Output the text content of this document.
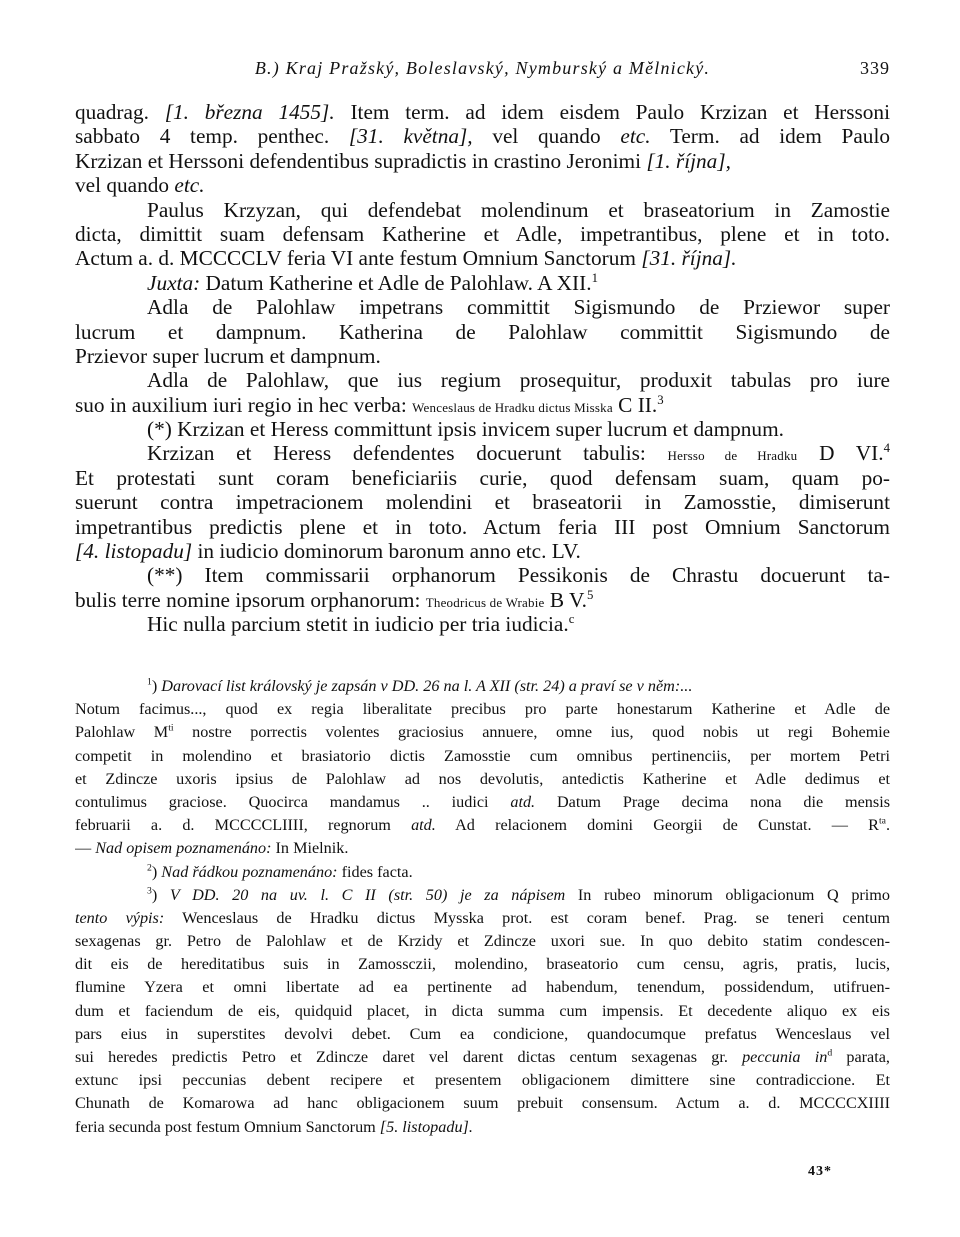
B.) Kraj Pražský, Boleslavský, Nymburský a Mělnický.	339
quadrag. [1. března 1455]. Item term. ad idem eisdem Paulo Krzizan et Herssoni
sabbato 4 temp. penthec. [31. května], vel quando etc. Term. ad idem Paulo
Krzizan et Herssoni defendentibus supradictis in crastino Jeronimi [1. října],
vel quando etc.
Paulus Krzyzan, qui defendebat molendinum et braseatorium in Zamostie
dicta, dimittit suam defensam Katherine et Adle, impetrantibus, plene et in toto.
Actum a. d. MCCCCLV feria VI ante festum Omnium Sanctorum [31. října].
Juxta: Datum Katherine et Adle de Palohlaw. A XII.$^1$
Adla de Palohlaw impetrans committit Sigismundo de Prziewor super
lucrum et dampnum. Katherina de Palohlaw committit Sigismundo de
Przievor super lucrum et dampnum.
Adla de Palohlaw, que ius regium prosequitur, produxit tabulas pro iure
suo in auxilium iuri regio in hec verba: Wenceslaus de Hradku dictus Misska C II.$^3$
(*) Krzizan et Heress committunt ipsis invicem super lucrum et dampnum.
Krzizan et Heress defendentes docuerunt tabulis: Hersso de Hradku D VI.$^4$
Et protestati sunt coram beneficiariis curie, quod defensam suam, quam po-
suerunt contra impetracionem molendini et braseatorii in Zamosstie, dimiserunt
impetrantibus predictis plene et in toto. Actum feria III post Omnium Sanctorum
[4. listopadu] in iudicio dominorum baronum anno etc. LV.
(**) Item commissarii orphanorum Pessikonis de Chrastu docuerunt ta-
bulis terre nomine ipsorum orphanorum: Theodricus de Wrabie B V.$^5$
Hic nulla parcium stetit in iudicio per tria iudicia.$^c$
$^1$) Darovací list královský je zapsán v DD. 26 na l. A XII (str. 24) a praví se v něm:...
Notum facimus..., quod ex regia liberalitate precibus pro parte honestarum Katherine et Adle de
Palohlaw $M^{ti}$ nostre porrectis volentes graciosius annuere, omne ius, quod nobis ut regi Bohemie
competit in molendino et brasiatorio dictis Zamosstie cum omnibus pertinenciis, per mortem Petri
et Zdincze uxoris ipsius de Palohlaw ad nos devolutis, antedictis Katherine et Adle dedimus et
contulimus graciose. Quocirca mandamus .. iudici atd. Datum Prage decima nona die mensis
februarii a. d. MCCCCLIIII, regnorum atd. Ad relacionem domini Georgii de Cunstat. — $R^{ta}$.
— Nad opisem poznamenáno: In Mielnik.
$^2$) Nad řádkou poznamenáno: fides facta.
$^3$) V DD. 20 na uv. l. C II (str. 50) je za nápisem In rubeo minorum obligacionum Q primo
tento výpis: Wenceslaus de Hradku dictus Mysska prot. est coram benef. Prag. se teneri centum
sexagenas gr. Petro de Palohlaw et de Krzidy et Zdincze uxori sue. In quo debito statim condescen-
dit eis de hereditatibus suis in Zamossczii, molendino, braseatorio cum censu, agris, pratis, lucis,
flumine Yzera et omni libertate ad ea pertinente ad habendum, tenendum, possidendum, utifruen-
dum et faciendum de eis, quidquid placet, in dicta summa cum impensis. Et decedente aliquo ex eis
pars eius in superstites devolvi debet. Cum ea condicione, quandocumque prefatus Wenceslaus vel
sui heredes predictis Petro et Zdincze daret vel darent dictas centum sexagenas gr. peccunia $in^d$ parata,
extunc ipsi peccunias debent recipere et presentem obligacionem dimittere sine contradiccione. Et
Chunath de Komarowa ad hanc obligacionem suum prebuit consensum. Actum a. d. MCCCCXIIII
feria secunda post festum Omnium Sanctorum [5. listopadu].
43*
